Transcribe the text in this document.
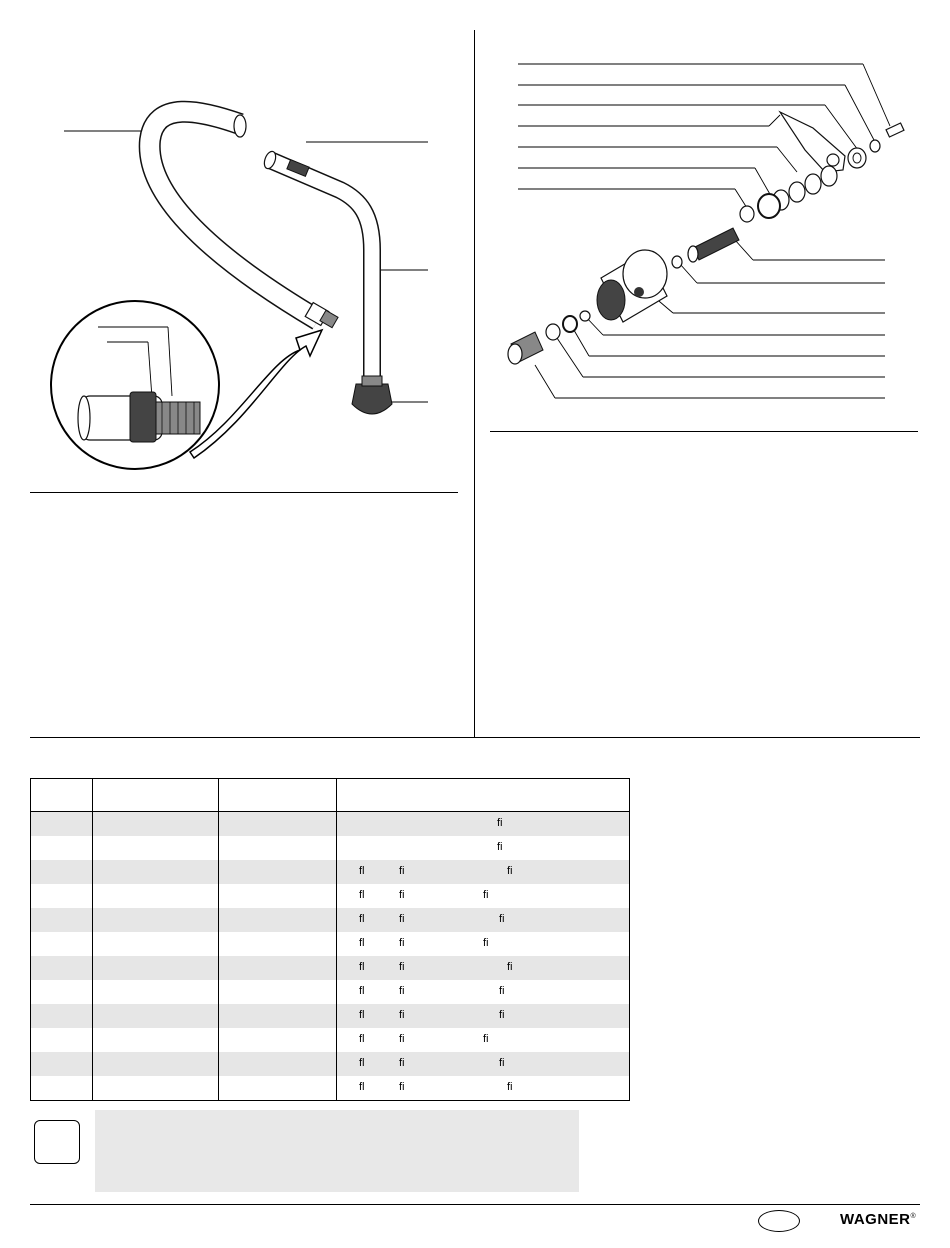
			ﬁ

			ﬁ

			ﬂ ﬁ ﬁ

			ﬂ ﬁ ﬁ

			ﬂ ﬁ ﬁ

			ﬂ ﬁ ﬁ

			ﬂ ﬁ ﬁ

			ﬂ ﬁ ﬁ

			ﬂ ﬁ ﬁ

			ﬂ ﬁ ﬁ

			ﬂ ﬁ ﬁ

			ﬂ ﬁ ﬁ
WAGNER®
